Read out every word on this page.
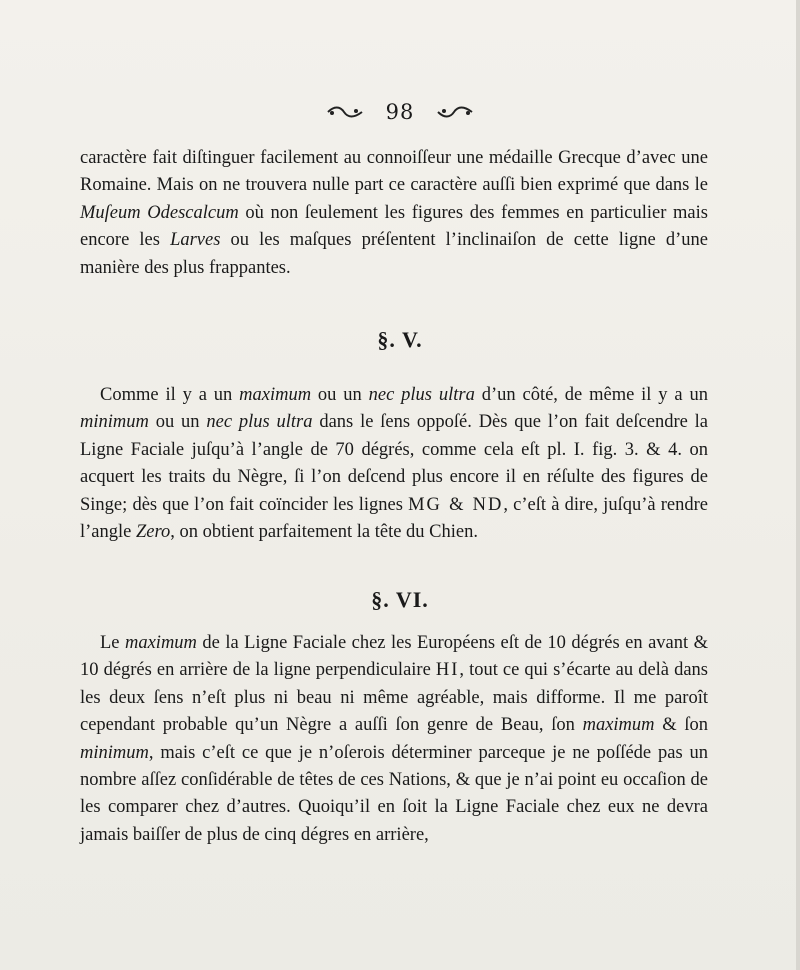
98
caractère fait diſtinguer facilement au connoiſſeur une médaille Grecque d’avec une Romaine. Mais on ne trouvera nulle part ce caractère auſſi bien exprimé que dans le Muſeum Odescalcum où non ſeulement les figures des femmes en particulier mais encore les Larves ou les maſques préſentent l’inclinaiſon de cette ligne d’une manière des plus frappantes.
§. V.
Comme il y a un maximum ou un nec plus ultra d’un côté, de même il y a un minimum ou un nec plus ultra dans le ſens oppoſé. Dès que l’on fait deſcendre la Ligne Faciale juſqu’à l’angle de 70 dégrés, comme cela eſt pl. I. fig. 3. & 4. on acquert les traits du Nègre, ſi l’on deſcend plus encore il en réſulte des figures de Singe; dès que l’on fait coïncider les lignes MG & ND, c’eſt à dire, juſqu’à rendre l’angle Zero, on obtient parfaitement la tête du Chien.
§. VI.
Le maximum de la Ligne Faciale chez les Européens eſt de 10 dégrés en avant & 10 dégrés en arrière de la ligne perpendiculaire HI, tout ce qui s’écarte au delà dans les deux ſens n’eſt plus ni beau ni même agréable, mais difforme. Il me paroît cependant probable qu’un Nègre a auſſi ſon genre de Beau, ſon maximum & ſon minimum, mais c’eſt ce que je n’oſerois déterminer parceque je ne poſſéde pas un nombre aſſez conſidérable de têtes de ces Nations, & que je n’ai point eu occaſion de les comparer chez d’autres. Quoiqu’il en ſoit la Ligne Faciale chez eux ne devra jamais baiſſer de plus de cinq dégres en arrière,
